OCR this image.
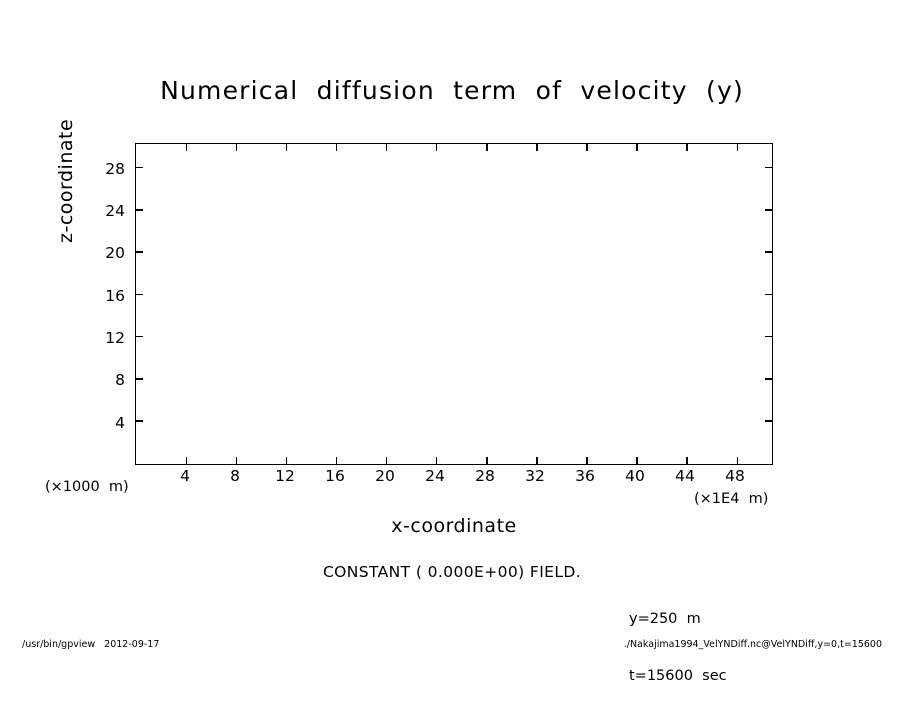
Numerical  diffusion  term  of  velocity  (y)
z-coordinate
4
8
12
16
20
24
28
4	8	12	16	20	24	28	32	36	40	44	48
(×1000  m)
(×1E4  m)
x-coordinate
CONSTANT ( 0.000E+00) FIELD.

y=250  m

t=15600  sec

/usr/bin/gpview   2012-09-17	./Nakajima1994_VelYNDiff.nc@VelYNDiff,y=0,t=15600
